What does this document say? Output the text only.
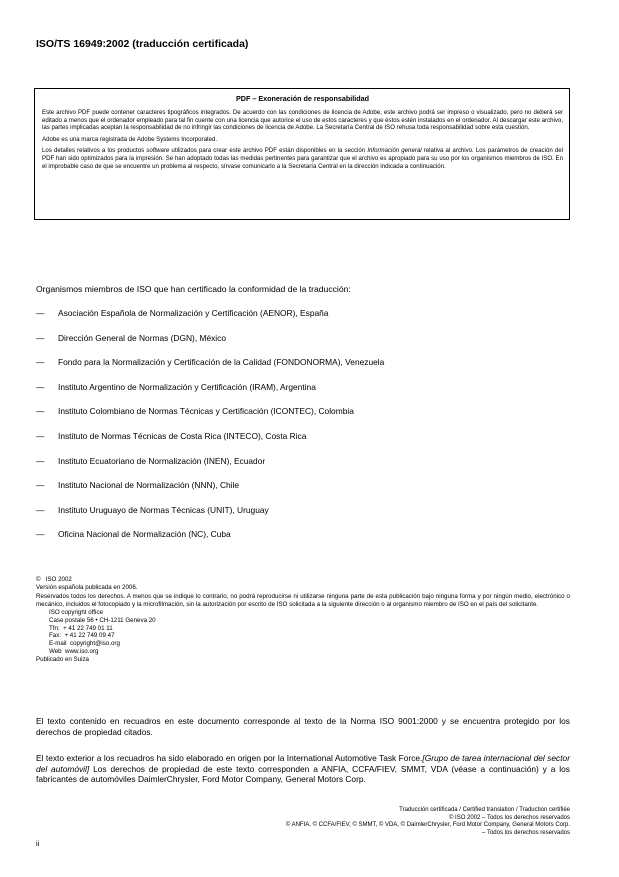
ISO/TS 16949:2002 (traducción certificada)
PDF – Exoneración de responsabilidad

Este archivo PDF puede contener caracteres tipográficos integrados. De acuerdo con las condiciones de licencia de Adobe, este archivo podrá ser impreso o visualizado, pero no deberá ser editado a menos que el ordenador empleado para tal fin cuente con una licencia que autorice el uso de estos caracteres y que éstos estén instalados en el ordenador. Al descargar este archivo, las partes implicadas aceptan la responsabilidad de no infringir las condiciones de licencia de Adobe. La Secretaría Central de ISO rehusa toda responsabilidad sobre esta cuestión.

Adobe es una marca registrada de Adobe Systems Incorporated.

Los detalles relativos a los productos software utilizados para crear este archivo PDF están disponibles en la sección Información general relativa al archivo. Los parámetros de creación del PDF han sido optimizados para la impresión. Se han adoptado todas las medidas pertinentes para garantizar que el archivo es apropiado para su uso por los organismos miembros de ISO. En el improbable caso de que se encuentre un problema al respecto, sírvase comunicarlo a la Secretaría Central en la dirección indicada a continuación.

Organismos miembros de ISO que han certificado la conformidad de la traducción:
— Asociación Española de Normalización y Certificación (AENOR), España
— Dirección General de Normas (DGN), México
— Fondo para la Normalización y Certificación de la Calidad (FONDONORMA), Venezuela
— Instituto Argentino de Normalización y Certificación (IRAM), Argentina
— Instituto Colombiano de Normas Técnicas y Certificación (ICONTEC), Colombia
— Instituto de Normas Técnicas de Costa Rica (INTECO), Costa Rica
— Instituto Ecuatoriano de Normalización (INEN), Ecuador
— Instituto Nacional de Normalización (NNN), Chile
— Instituto Uruguayo de Normas Técnicas (UNIT), Uruguay
— Oficina Nacional de Normalización (NC), Cuba

©   ISO 2002

Versión española publicada en 2006.

Reservados todos los derechos. A menos que se indique lo contrario, no podrá reproducirse ni utilizarse ninguna parte de esta publicación bajo ninguna forma y por ningún medio, electrónico o mecánico, incluidos el fotocopiado y la microfilmación, sin la autorización por escrito de ISO solicitada a la siguiente dirección o al organismo miembro de ISO en el país del solicitante.

ISO copyright office

Case postale 56 • CH-1211 Geneva 20

Tfn:  + 41 22 749 01 11

Fax:  + 41 22 749 09 47

E-mail  copyright@iso.org

Web  www.iso.org

Publicado en Suiza

El texto contenido en recuadros en este documento corresponde al texto de la Norma ISO 9001:2000 y se encuentra protegido por los derechos de propiedad citados.

El texto exterior a los recuadros ha sido elaborado en origen por la International Automotive Task Force.[Grupo de tarea internacional del sector del automóvil] Los derechos de propiedad de este texto corresponden a ANFIA, CCFA/FIEV, SMMT, VDA (véase a continuación) y a los fabricantes de automóviles DaimlerChrysler, Ford Motor Company, General Motors Corp.

Traducción certificada / Certified translation / Traduction certifiée
© ISO 2002 – Todos los derechos reservados
© ANFIA, © CCFA/FIEV, © SMMT, © VDA, © DaimlerChrysler, Ford Motor Company, General Motors Corp.
– Todos los derechos reservados
ii
